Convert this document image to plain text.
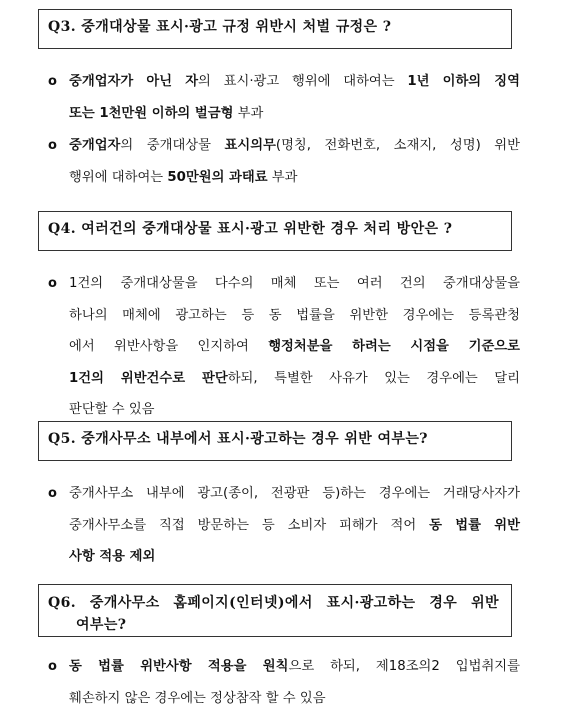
Q3. 중개대상물 표시·광고 규정 위반시 처벌 규정은 ?
o 중개업자가 아닌 자의 표시·광고 행위에 대하여는 1년 이하의 징역
또는 1천만원 이하의 벌금형 부과
o 중개업자의 중개대상물 표시의무(명칭, 전화번호, 소재지, 성명) 위반
행위에 대하여는 50만원의 과태료 부과
Q4. 여러건의 중개대상물 표시·광고 위반한 경우 처리 방안은 ?
o 1건의 중개대상물을 다수의 매체 또는 여러 건의 중개대상물을
하나의 매체에 광고하는 등 동 법률을 위반한 경우에는 등록관청
에서 위반사항을 인지하여 행정처분을 하려는 시점을 기준으로
1건의 위반건수로 판단하되, 특별한 사유가 있는 경우에는 달리
판단할 수 있음
Q5. 중개사무소 내부에서 표시·광고하는 경우 위반 여부는?
o 중개사무소 내부에 광고(종이, 전광판 등)하는 경우에는 거래당사자가
중개사무소를 직접 방문하는 등 소비자 피해가 적어 동 법률 위반
사항 적용 제외
Q6. 중개사무소 홈페이지(인터넷)에서 표시·광고하는 경우 위반
여부는?
o 동 법률 위반사항 적용을 원칙으로 하되, 제18조의2 입법취지를
훼손하지 않은 경우에는 정상참작 할 수 있음
